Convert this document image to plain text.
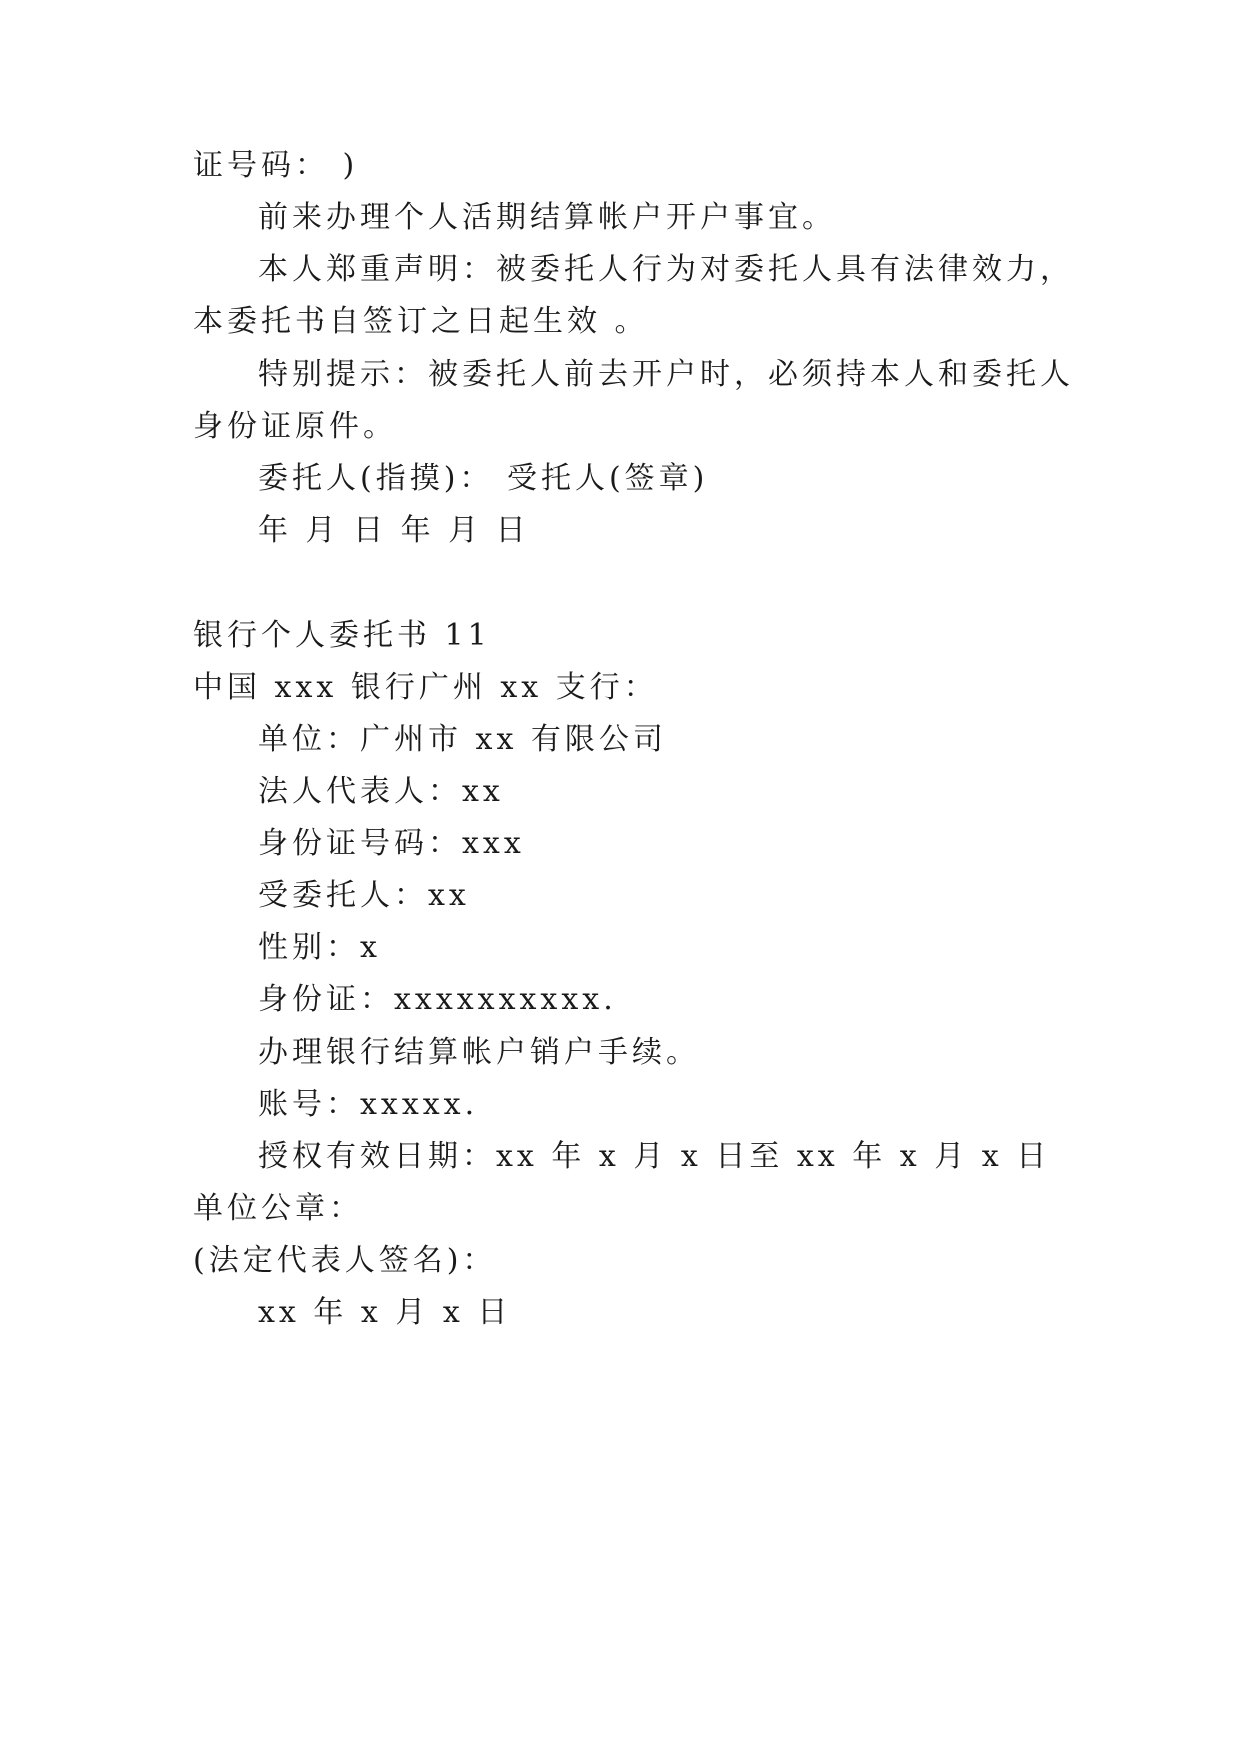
证号码： )
前来办理个人活期结算帐户开户事宜。
本人郑重声明：被委托人行为对委托人具有法律效力，
本委托书自签订之日起生效 。
特别提示：被委托人前去开户时，必须持本人和委托人
身份证原件。
委托人(指摸)： 受托人(签章)
年 月 日 年 月 日
银行个人委托书 11
中国 xxx 银行广州 xx 支行：
单位：广州市 xx 有限公司
法人代表人：xx
身份证号码：xxx
受委托人：xx
性别：x
身份证：xxxxxxxxxx.
办理银行结算帐户销户手续。
账号：xxxxx.
授权有效日期：xx 年 x 月 x 日至 xx 年 x 月 x 日
单位公章：
(法定代表人签名)：
xx 年 x 月 x 日
